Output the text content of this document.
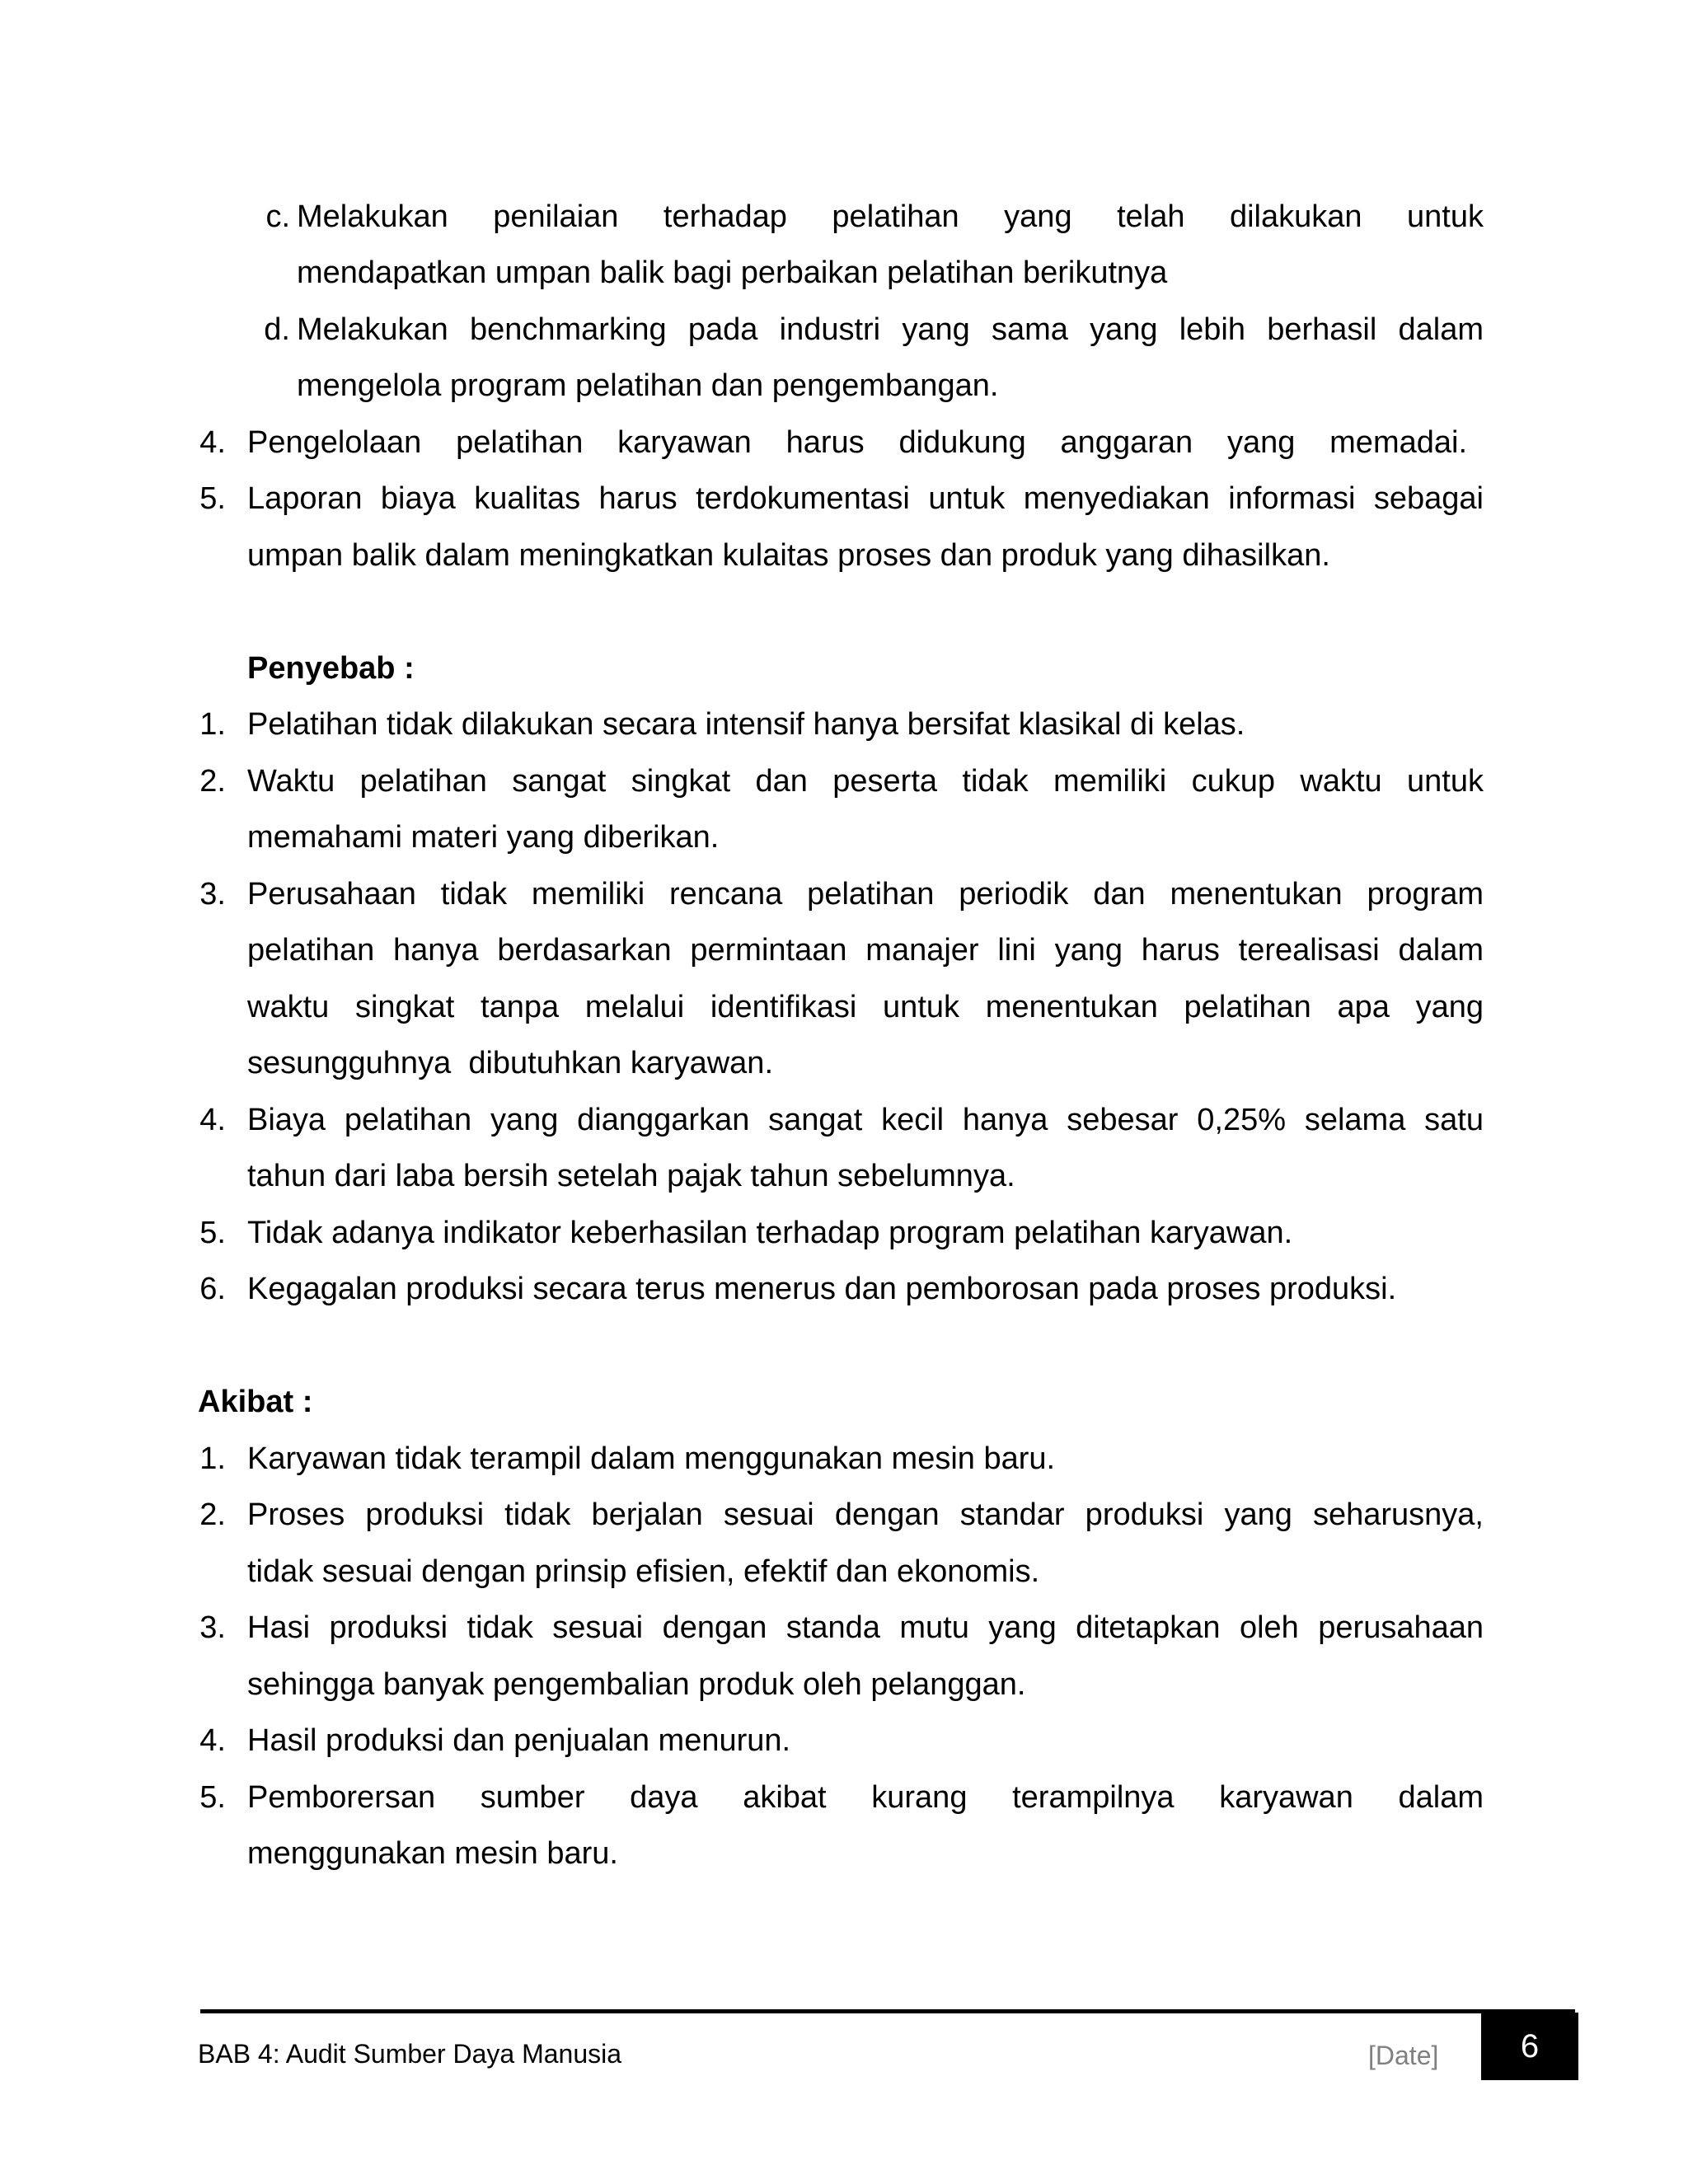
c. Melakukan penilaian terhadap pelatihan yang telah dilakukan untuk
mendapatkan umpan balik bagi perbaikan pelatihan berikutnya
d. Melakukan benchmarking pada industri yang sama yang lebih berhasil dalam
mengelola program pelatihan dan pengembangan.
4. Pengelolaan pelatihan karyawan harus didukung anggaran yang memadai.
5. Laporan biaya kualitas harus terdokumentasi untuk menyediakan informasi sebagai
umpan balik dalam meningkatkan kulaitas proses dan produk yang dihasilkan.
Penyebab :
1. Pelatihan tidak dilakukan secara intensif hanya bersifat klasikal di kelas.
2. Waktu pelatihan sangat singkat dan peserta tidak memiliki cukup waktu untuk
memahami materi yang diberikan.
3. Perusahaan tidak memiliki rencana pelatihan periodik dan menentukan program
pelatihan hanya berdasarkan permintaan manajer lini yang harus terealisasi dalam
waktu singkat tanpa melalui identifikasi untuk menentukan pelatihan apa yang
sesungguhnya  dibutuhkan karyawan.
4. Biaya pelatihan yang dianggarkan sangat kecil hanya sebesar 0,25% selama satu
tahun dari laba bersih setelah pajak tahun sebelumnya.
5. Tidak adanya indikator keberhasilan terhadap program pelatihan karyawan.
6. Kegagalan produksi secara terus menerus dan pemborosan pada proses produksi.
Akibat :
1. Karyawan tidak terampil dalam menggunakan mesin baru.
2. Proses produksi tidak berjalan sesuai dengan standar produksi yang seharusnya,
tidak sesuai dengan prinsip efisien, efektif dan ekonomis.
3. Hasi produksi tidak sesuai dengan standa mutu yang ditetapkan oleh perusahaan
sehingga banyak pengembalian produk oleh pelanggan.
4. Hasil produksi dan penjualan menurun.
5. Pemborersan sumber daya akibat kurang terampilnya karyawan dalam
menggunakan mesin baru.
BAB 4: Audit Sumber Daya Manusia	[Date]	6
